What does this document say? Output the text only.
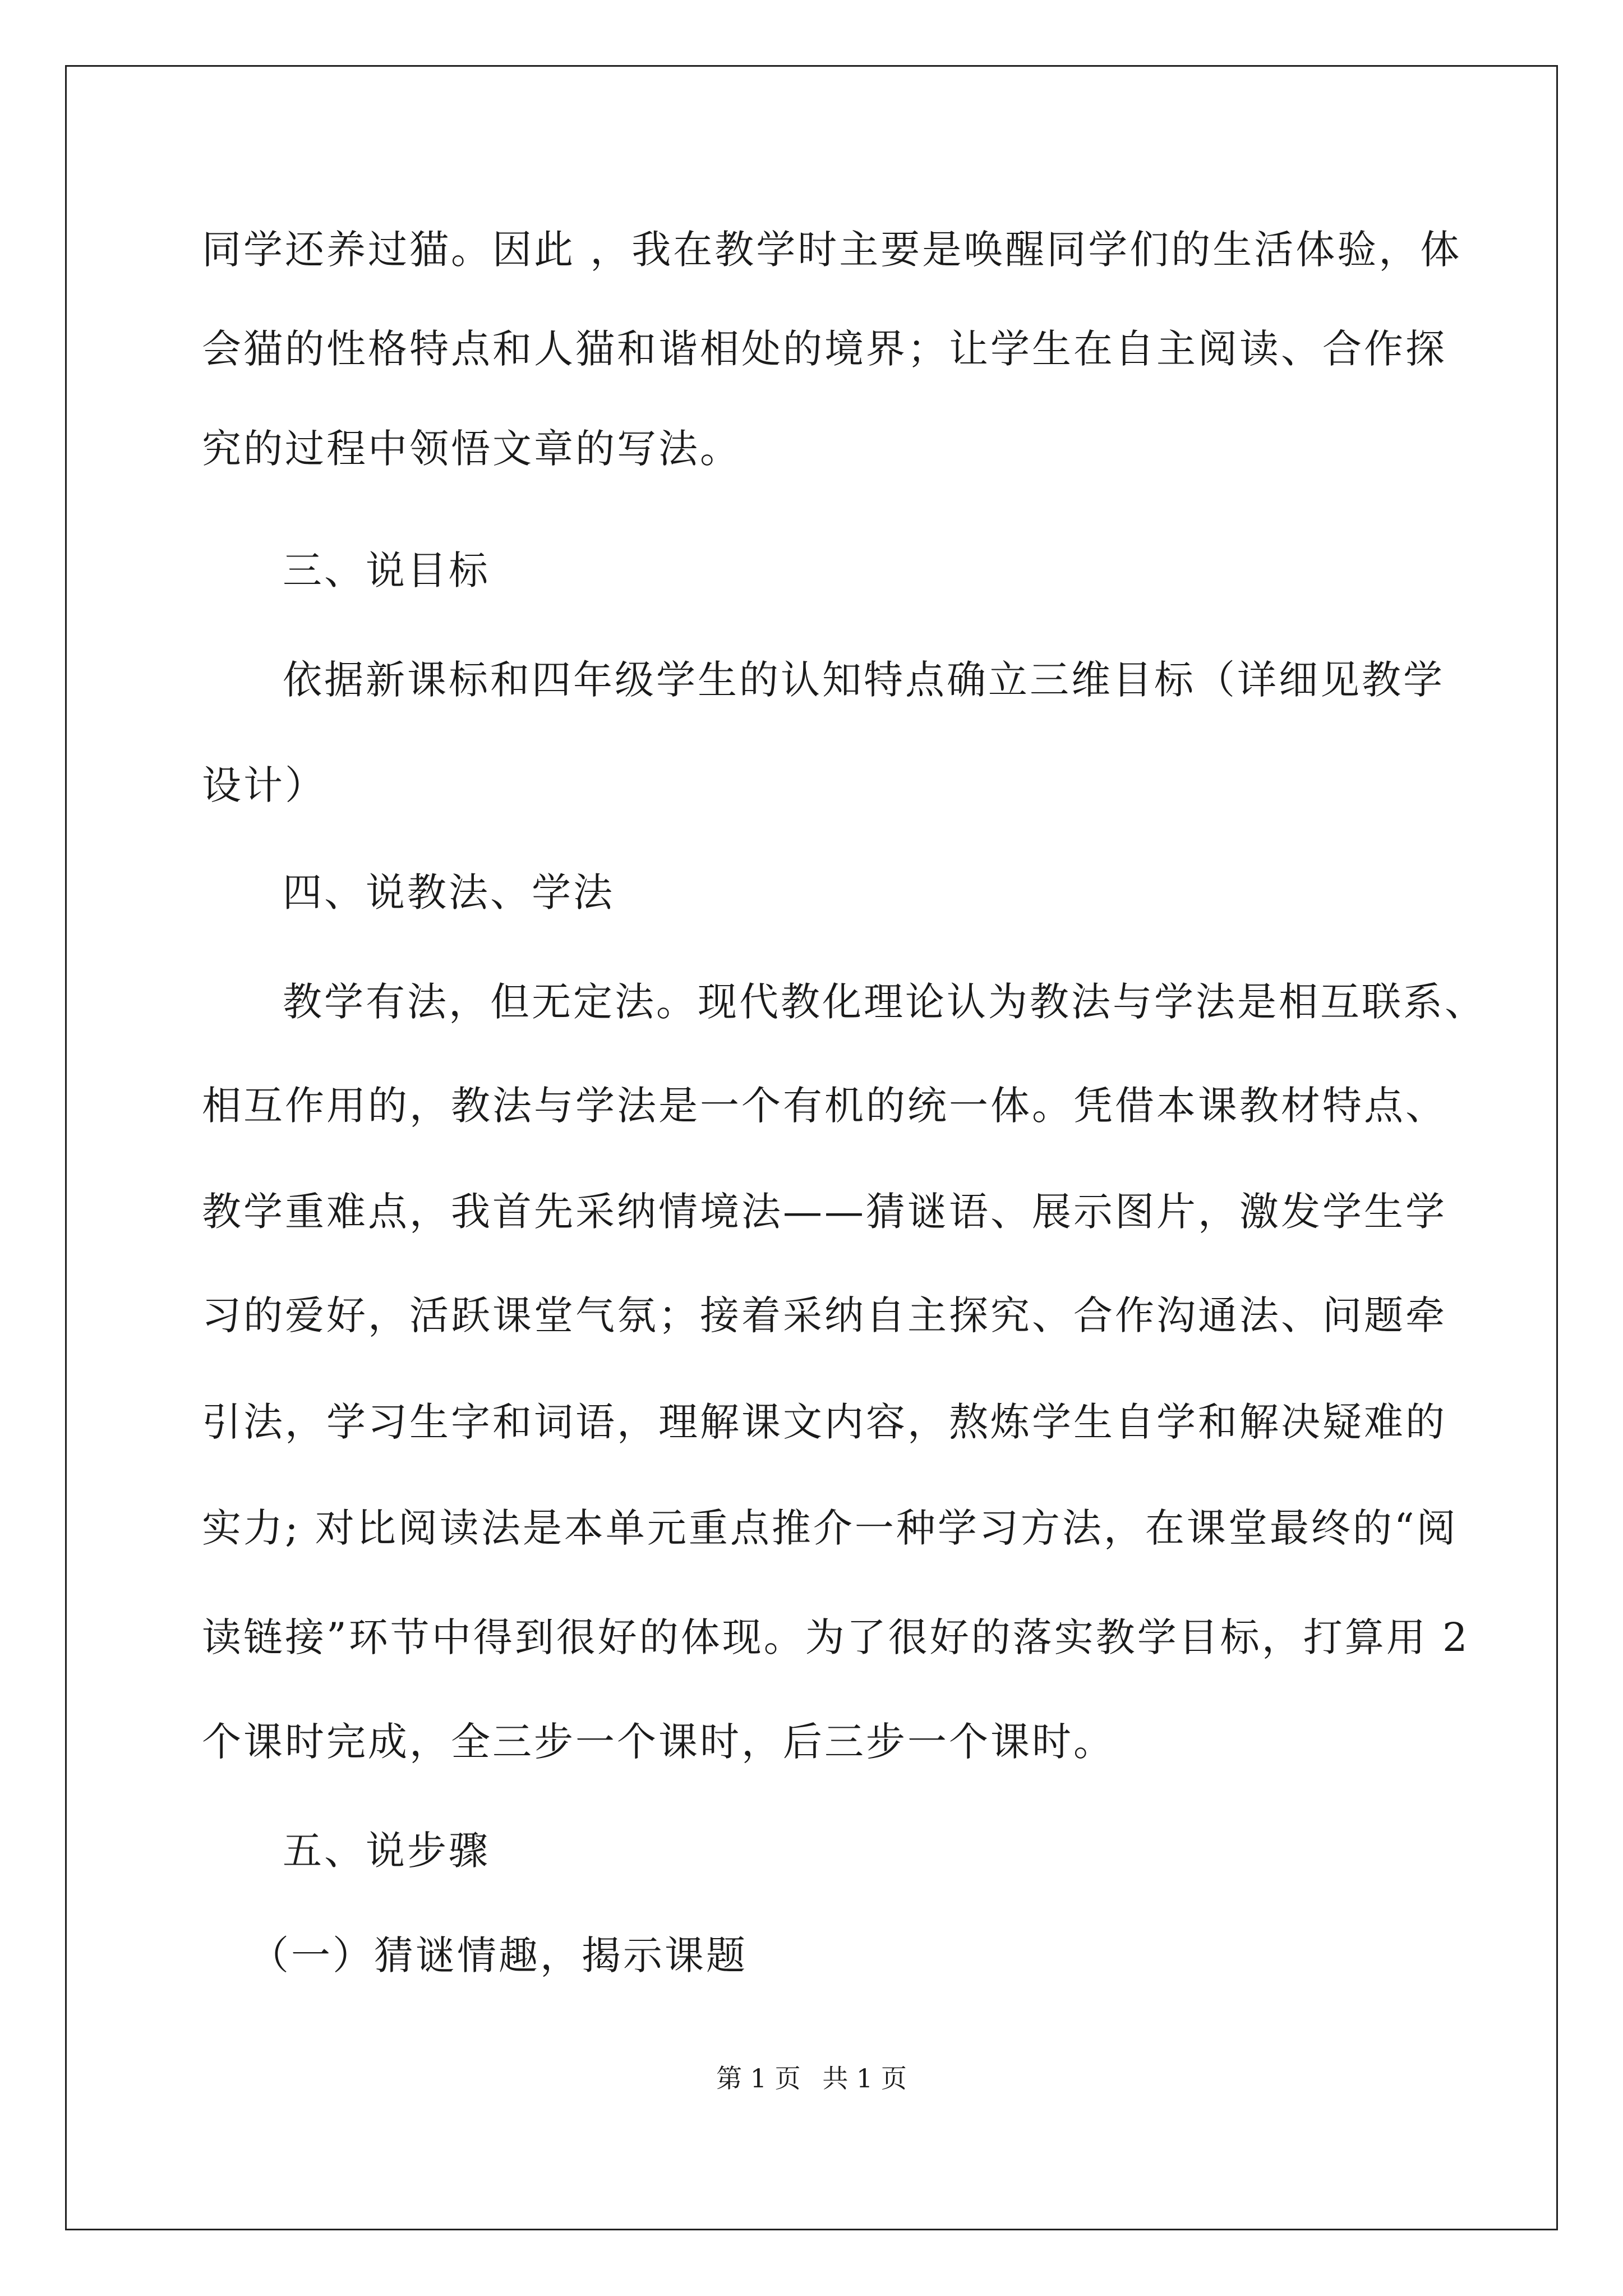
同学还养过猫。因此 ，我在教学时主要是唤醒同学们的生活体验，体
会猫的性格特点和人猫和谐相处的境界；让学生在自主阅读、合作探
究的过程中领悟文章的写法。
三、说目标
依据新课标和四年级学生的认知特点确立三维目标（详细见教学
设计）
四、说教法、学法
教学有法，但无定法。现代教化理论认为教法与学法是相互联系、
相互作用的，教法与学法是一个有机的统一体。凭借本课教材特点、
教学重难点，我首先采纳情境法——猜谜语、展示图片，激发学生学
习的爱好，活跃课堂气氛；接着采纳自主探究、合作沟通法、问题牵
引法，学习生字和词语，理解课文内容，熬炼学生自学和解决疑难的
实力; 对比阅读法是本单元重点推介一种学习方法，在课堂最终的“阅
读链接”环节中得到很好的体现。为了很好的落实教学目标，打算用 2
个课时完成，全三步一个课时，后三步一个课时。
五、说步骤
（一）猜谜情趣，揭示课题
第 1 页 共 1 页
